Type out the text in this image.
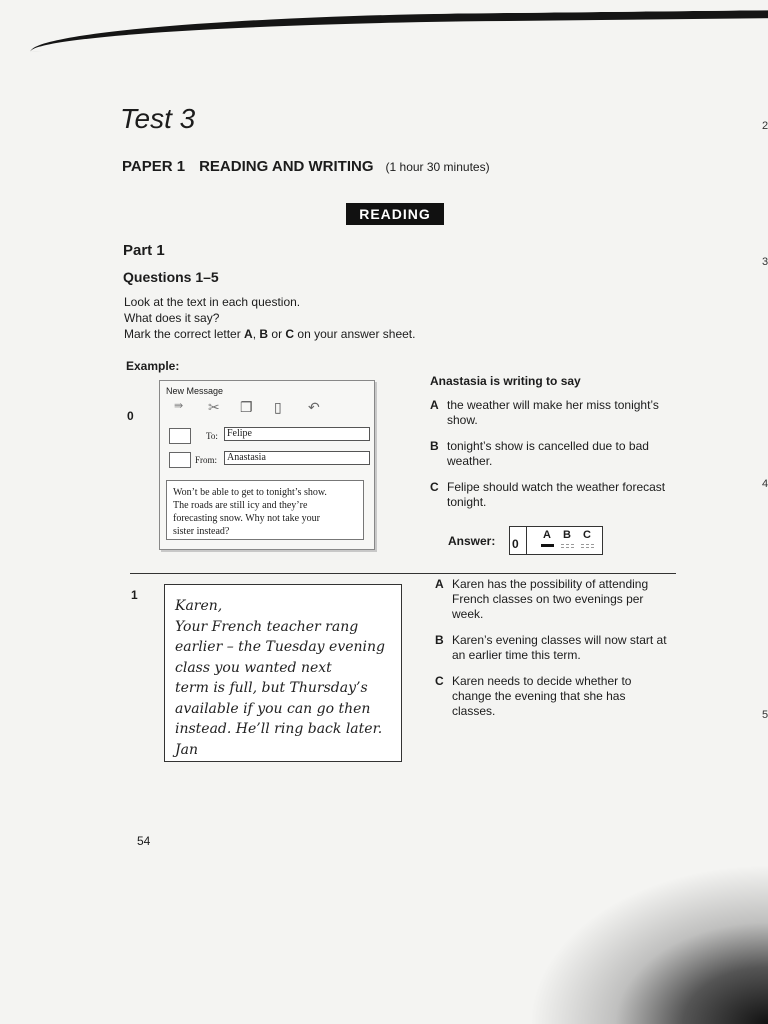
Test 3
PAPER 1 READING AND WRITING (1 hour 30 minutes)
READING
Part 1
Questions 1–5
Look at the text in each question.
What does it say?
Mark the correct letter A, B or C on your answer sheet.
Example:
0
New Message
⇛ ✂ ❐ ▯ ↶
To: Felipe
From: Anastasia
Won’t be able to get to tonight’s show.
The roads are still icy and they’re
forecasting snow. Why not take your
sister instead?
Anastasia is writing to say
A the weather will make her miss tonight’s show.
B tonight’s show is cancelled due to bad weather.
C Felipe should watch the weather forecast tonight.
Answer: 0
A B C
1
Karen,
Your French teacher rang
earlier – the Tuesday evening
class you wanted next
term is full, but Thursday’s
available if you can go then
instead. He’ll ring back later.
Jan
A Karen has the possibility of attending French classes on two evenings per week.
B Karen’s evening classes will now start at an earlier time this term.
C Karen needs to decide whether to change the evening that she has classes.
54
2
3
4
5
